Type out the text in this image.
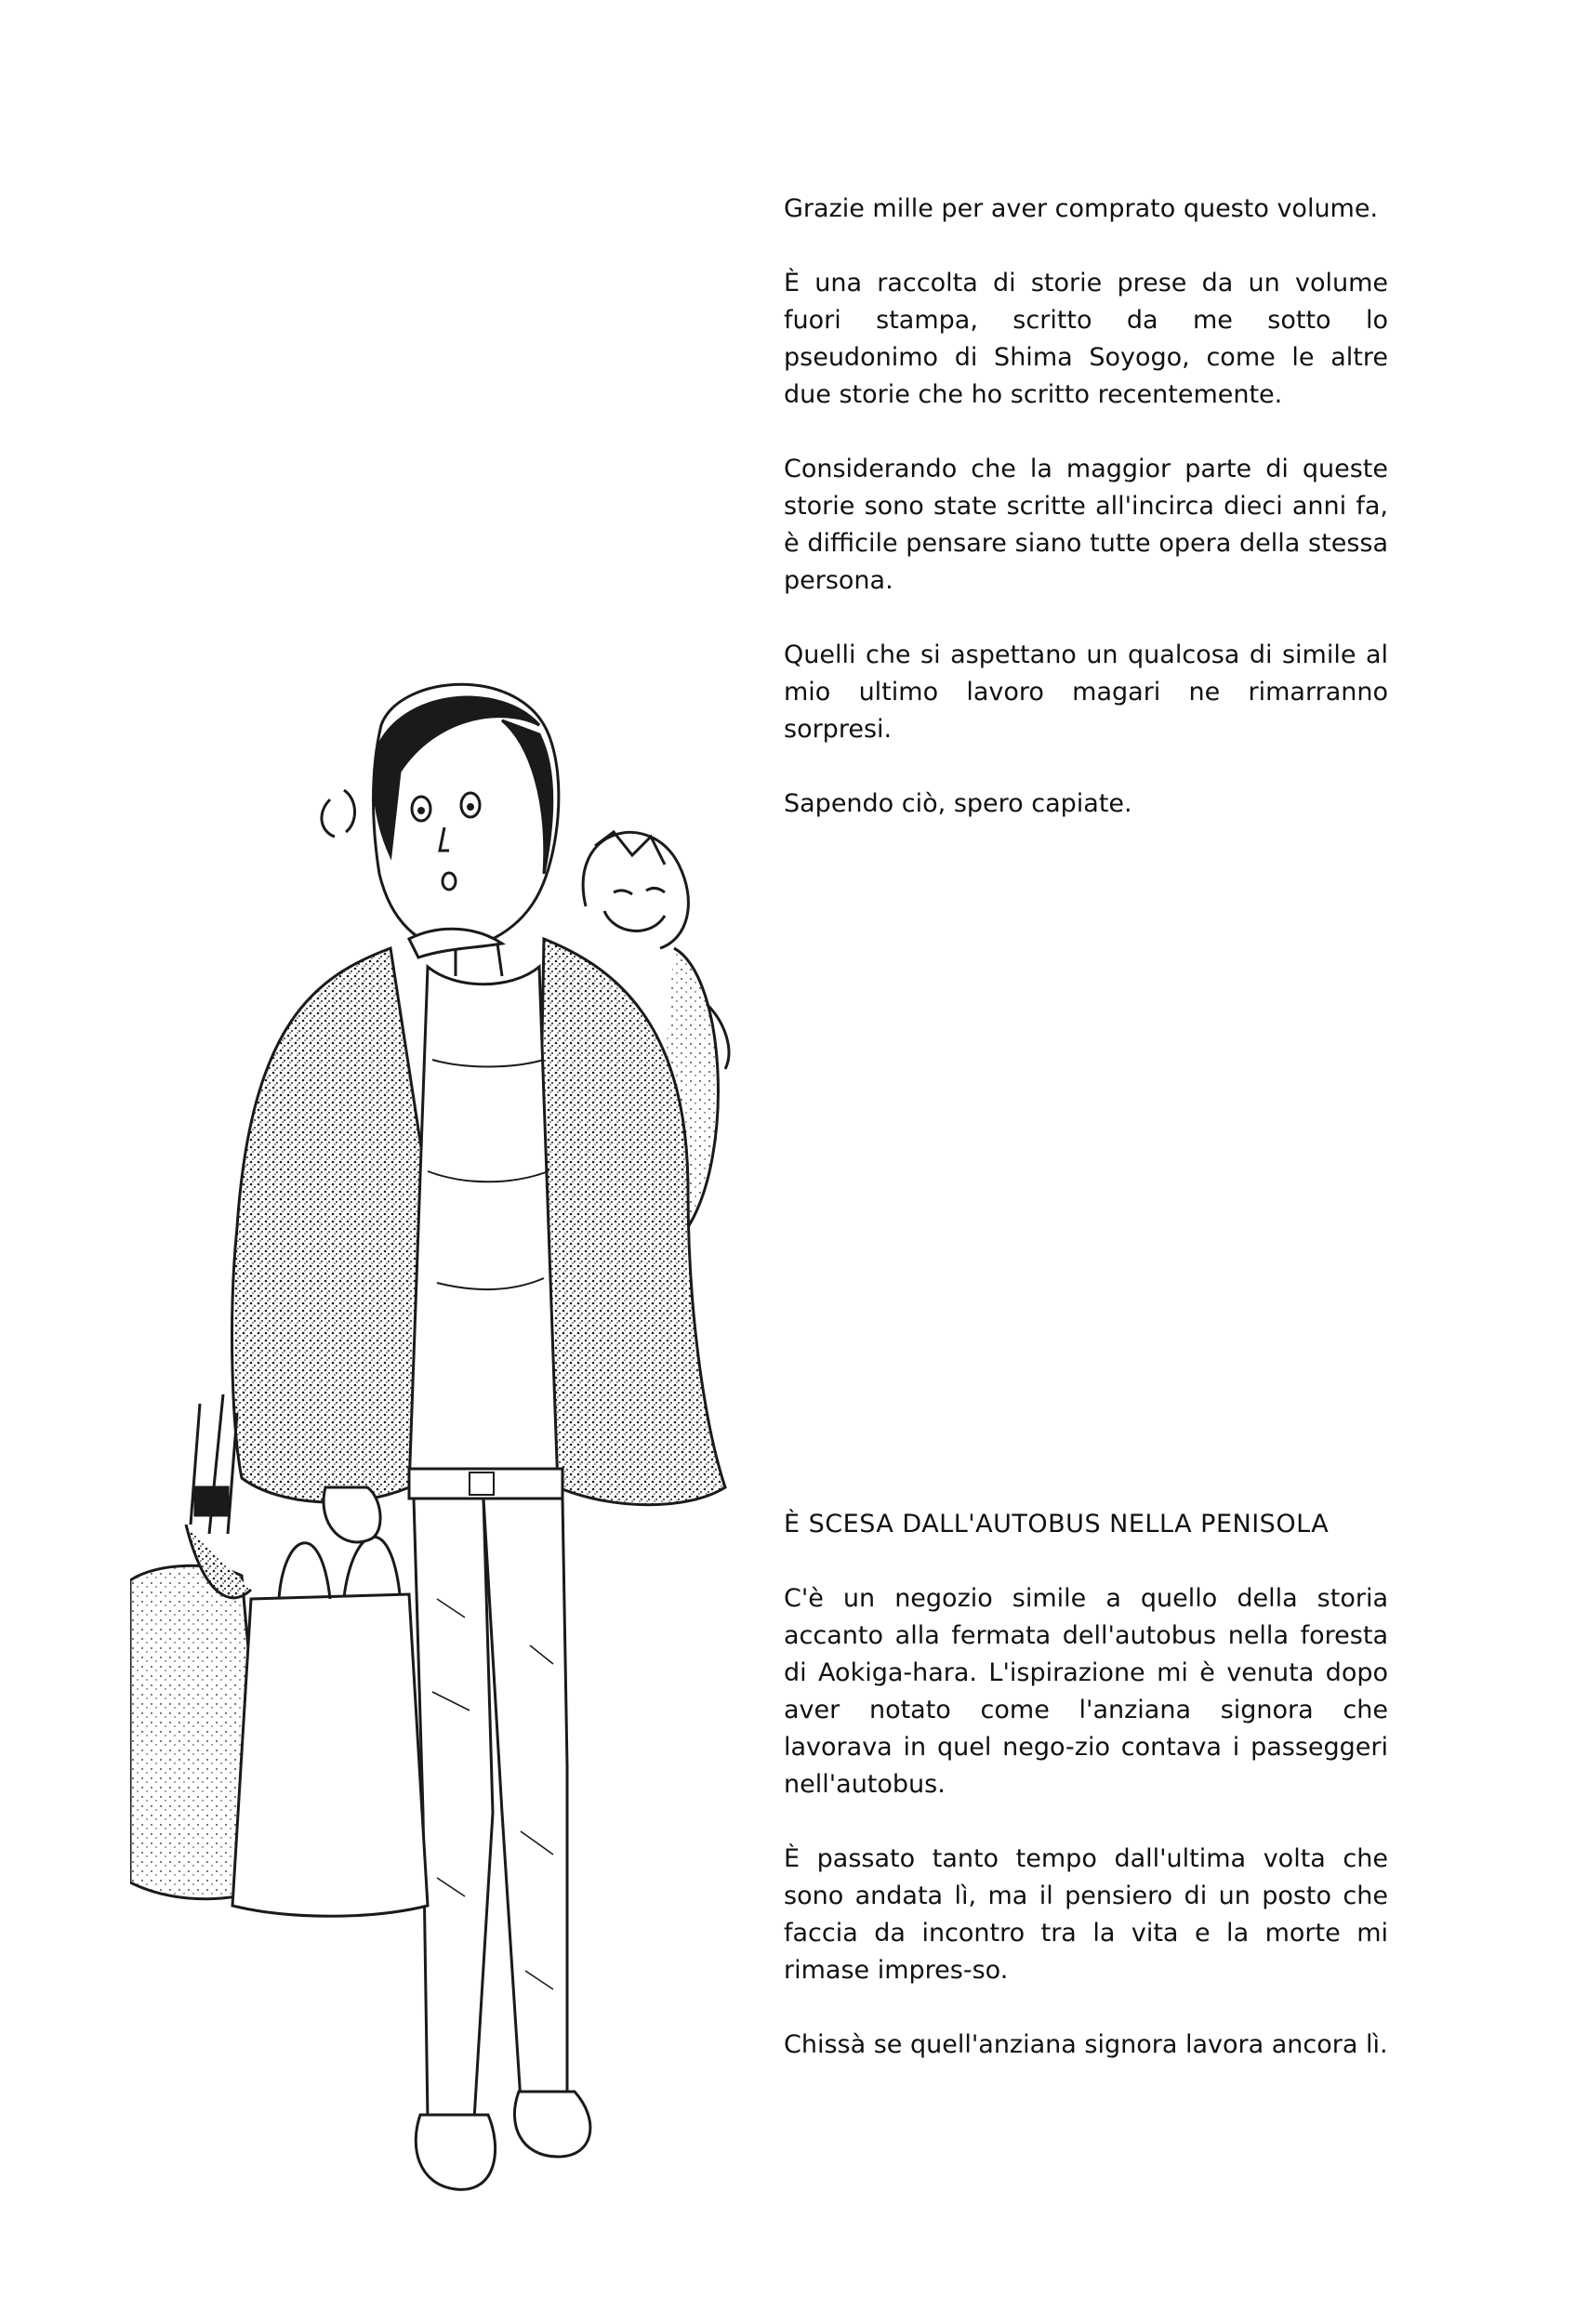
Grazie mille per aver comprato questo volume.

È una raccolta di storie prese da un volume fuori stampa, scritto da me sotto lo pseudonimo di Shima Soyogo, come le altre due storie che ho scritto recentemente.

Considerando che la maggior parte di queste storie sono state scritte all'incirca dieci anni fa, è difficile pensare siano tutte opera della stessa persona.

Quelli che si aspettano un qualcosa di simile al mio ultimo lavoro magari ne rimarranno sorpresi.

Sapendo ciò, spero capiate.

È SCESA DALL'AUTOBUS NELLA PENISOLA

C'è un negozio simile a quello della storia accanto alla fermata dell'autobus nella foresta di Aokiga-hara. L'ispirazione mi è venuta dopo aver notato come l'anziana signora che lavorava in quel nego-zio contava i passeggeri nell'autobus.

È passato tanto tempo dall'ultima volta che sono andata lì, ma il pensiero di un posto che faccia da incontro tra la vita e la morte mi rimase impres-so.

Chissà se quell'anziana signora lavora ancora lì.
